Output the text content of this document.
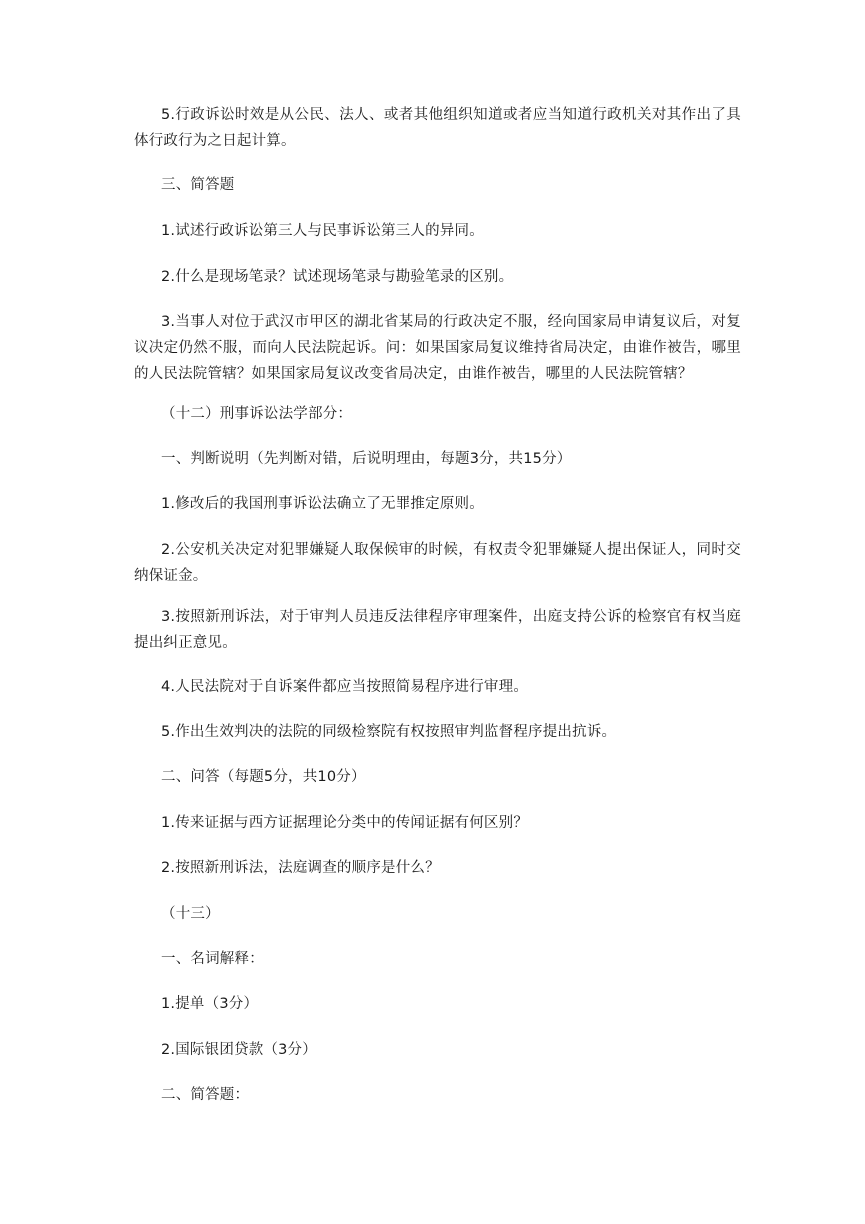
5.行政诉讼时效是从公民、法人、或者其他组织知道或者应当知道行政机关对其作出了具体行政行为之日起计算。

三、简答题

1.试述行政诉讼第三人与民事诉讼第三人的异同。

2.什么是现场笔录？试述现场笔录与勘验笔录的区别。

3.当事人对位于武汉市甲区的湖北省某局的行政决定不服，经向国家局申请复议后，对复议决定仍然不服，而向人民法院起诉。问：如果国家局复议维持省局决定，由谁作被告，哪里的人民法院管辖？如果国家局复议改变省局决定，由谁作被告，哪里的人民法院管辖？

（十二）刑事诉讼法学部分：

一、判断说明（先判断对错，后说明理由，每题3分，共15分）

1.修改后的我国刑事诉讼法确立了无罪推定原则。

2.公安机关决定对犯罪嫌疑人取保候审的时候，有权责令犯罪嫌疑人提出保证人，同时交纳保证金。

3.按照新刑诉法，对于审判人员违反法律程序审理案件，出庭支持公诉的检察官有权当庭提出纠正意见。

4.人民法院对于自诉案件都应当按照简易程序进行审理。

5.作出生效判决的法院的同级检察院有权按照审判监督程序提出抗诉。

二、问答（每题5分，共10分）

1.传来证据与西方证据理论分类中的传闻证据有何区别？

2.按照新刑诉法，法庭调查的顺序是什么？

（十三）

一、名词解释：

1.提单（3分）

2.国际银团贷款（3分）

二、简答题：
